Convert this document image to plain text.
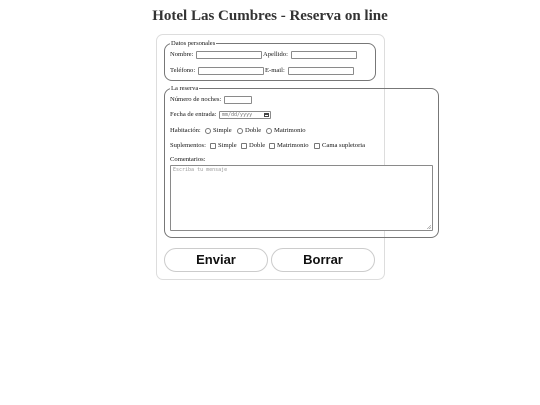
Hotel Las Cumbres - Reserva on line
Datos personales
Nombre:	Apellido:
Teléfono:	E-mail:
La reserva
Número de noches:
Fecha de entrada:	mm/dd/yyyy
Habitación: Simple Doble Matrimonio
Suplementos: Simple Doble Matrimonio Cama supletoria
Comentarios:
Escriba tu mensaje
Enviar	Borrar
